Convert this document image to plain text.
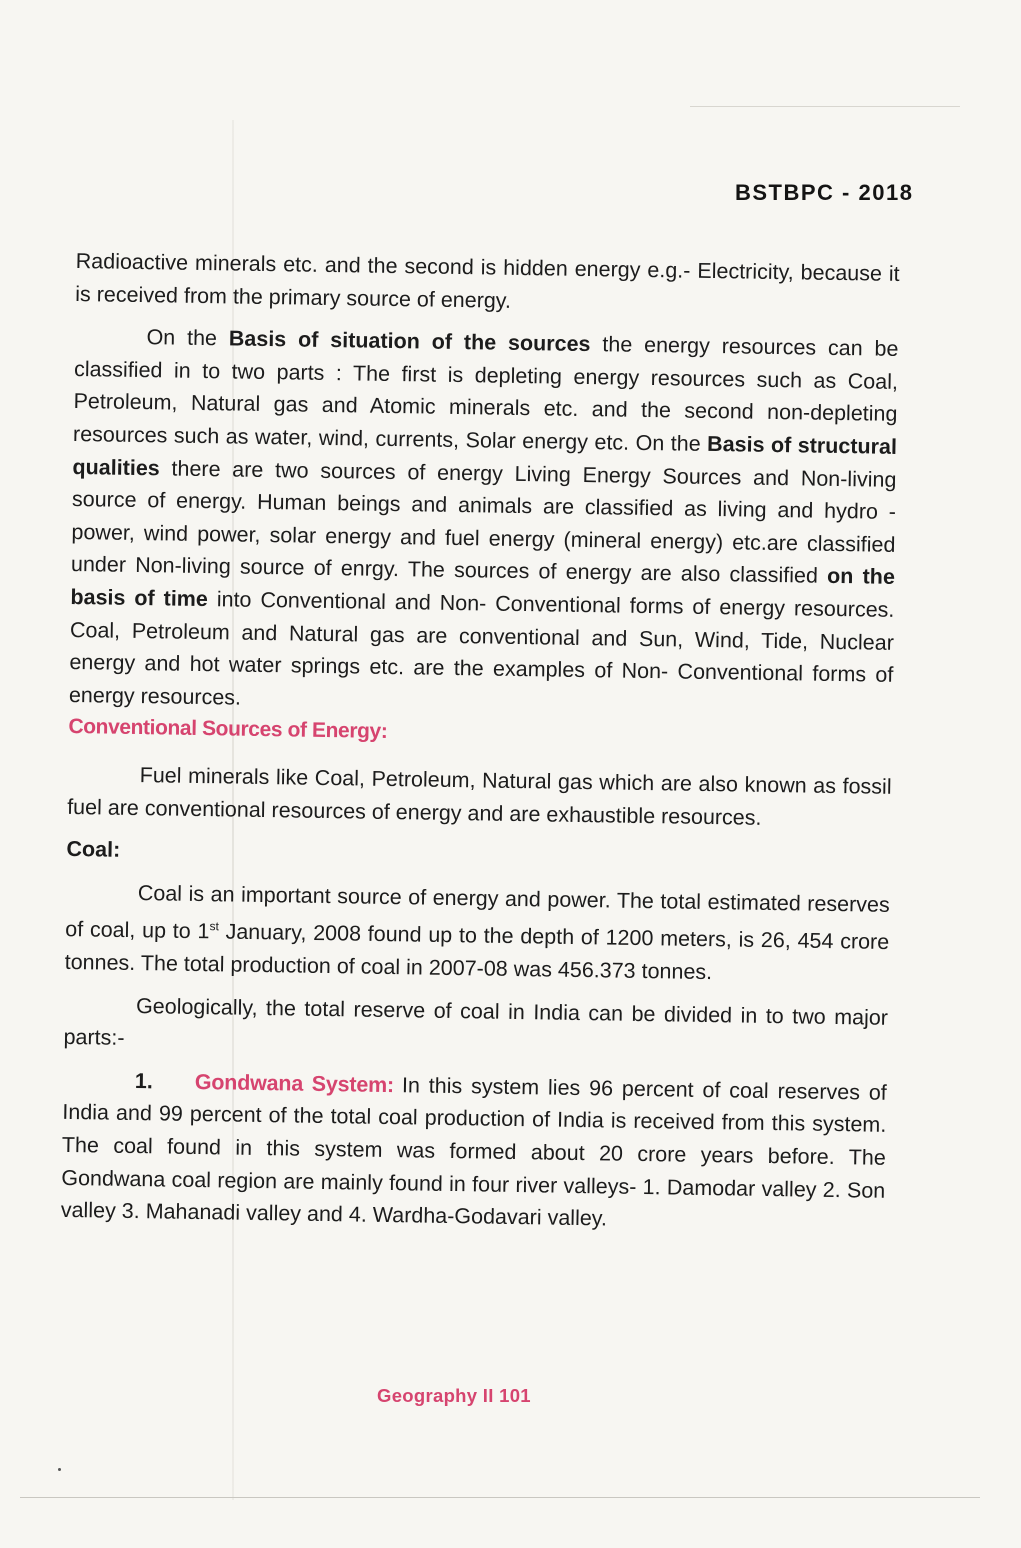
BSTBPC - 2018

Radioactive minerals etc. and the second is hidden energy e.g.- Electricity, because it is received from the primary source of energy.

On the Basis of situation of the sources the energy resources can be classified in to two parts : The first is depleting energy resources such as Coal, Petroleum, Natural gas and Atomic minerals etc. and the second non-depleting resources such as water, wind, currents, Solar energy etc. On the Basis of structural qualities there are two sources of energy Living Energy Sources and Non-living source of energy. Human beings and animals are classified as living and hydro - power, wind power, solar energy and fuel energy (mineral energy) etc.are classified under Non-living source of enrgy. The sources of energy are also classified on the basis of time into Conventional and Non- Conventional forms of energy resources. Coal, Petroleum and Natural gas are conventional and Sun, Wind, Tide, Nuclear energy and hot water springs etc. are the examples of Non- Conventional forms of energy resources.

Conventional Sources of Energy:

Fuel minerals like Coal, Petroleum, Natural gas which are also known as fossil fuel are conventional resources of energy and are exhaustible resources.

Coal:

Coal is an important source of energy and power. The total estimated reserves of coal, up to 1st January, 2008 found up to the depth of 1200 meters, is 26, 454 crore tonnes. The total production of coal in 2007-08 was 456.373 tonnes.

Geologically, the total reserve of coal in India can be divided in to two major parts:-

1. Gondwana System: In this system lies 96 percent of coal reserves of India and 99 percent of the total coal production of India is received from this system. The coal found in this system was formed about 20 crore years before. The Gondwana coal region are mainly found in four river valleys- 1. Damodar valley 2. Son valley 3. Mahanadi valley and 4. Wardha-Godavari valley.

Geography II 101
